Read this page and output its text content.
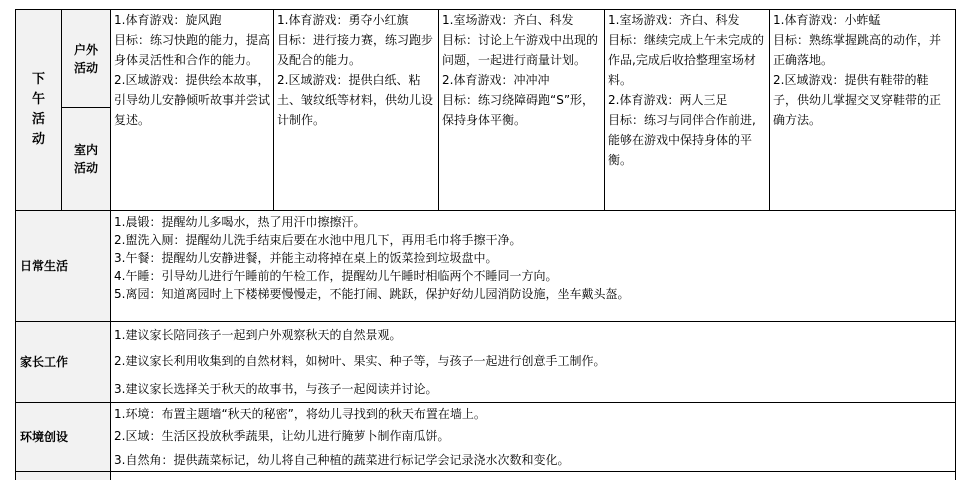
下午活动	户外活动	1.体育游戏：旋风跑
目标：练习快跑的能力，提高身体灵活性和合作的能力。
2.区域游戏：提供绘本故事，引导幼儿安静倾听故事并尝试复述。	1.体育游戏：勇夺小红旗
目标：进行接力赛，练习跑步及配合的能力。
2.区域游戏：提供白纸、粘土、皱纹纸等材料，供幼儿设计制作。	1.室场游戏：齐白、科发
目标：讨论上午游戏中出现的问题，一起进行商量计划。
2.体育游戏：冲冲冲
目标：练习绕障碍跑“S”形，保持身体平衡。	1.室场游戏：齐白、科发
目标：继续完成上午未完成的作品,完成后收拾整理室场材料。
2.体育游戏：两人三足
目标：练习与同伴合作前进,能够在游戏中保持身体的平衡。	1.体育游戏：小蚱蜢
目标：熟练掌握跳高的动作，并正确落地。
2.区域游戏：提供有鞋带的鞋子，供幼儿掌握交叉穿鞋带的正确方法。

	室内活动					

日常生活		1.晨锻：提醒幼儿多喝水，热了用汗巾擦擦汗。
2.盥洗入厕：提醒幼儿洗手结束后要在水池中甩几下，再用毛巾将手擦干净。
3.午餐：提醒幼儿安静进餐，并能主动将掉在桌上的饭菜捡到垃圾盘中。
4.午睡：引导幼儿进行午睡前的午检工作，提醒幼儿午睡时相临两个不睡同一方向。
5.离园：知道离园时上下楼梯要慢慢走，不能打闹、跳跃，保护好幼儿园消防设施，坐车戴头盔。				

家长工作		1.建议家长陪同孩子一起到户外观察秋天的自然景观。
2.建议家长利用收集到的自然材料，如树叶、果实、种子等，与孩子一起进行创意手工制作。
3.建议家长选择关于秋天的故事书，与孩子一起阅读并讨论。				

环境创设		1.环境：布置主题墙“秋天的秘密”，将幼儿寻找到的秋天布置在墙上。
2.区域：生活区投放秋季蔬果，让幼儿进行腌萝卜制作南瓜饼。
3.自然角：提供蔬菜标记，幼儿将自己种植的蔬菜进行标记学会记录浇水次数和变化。				
